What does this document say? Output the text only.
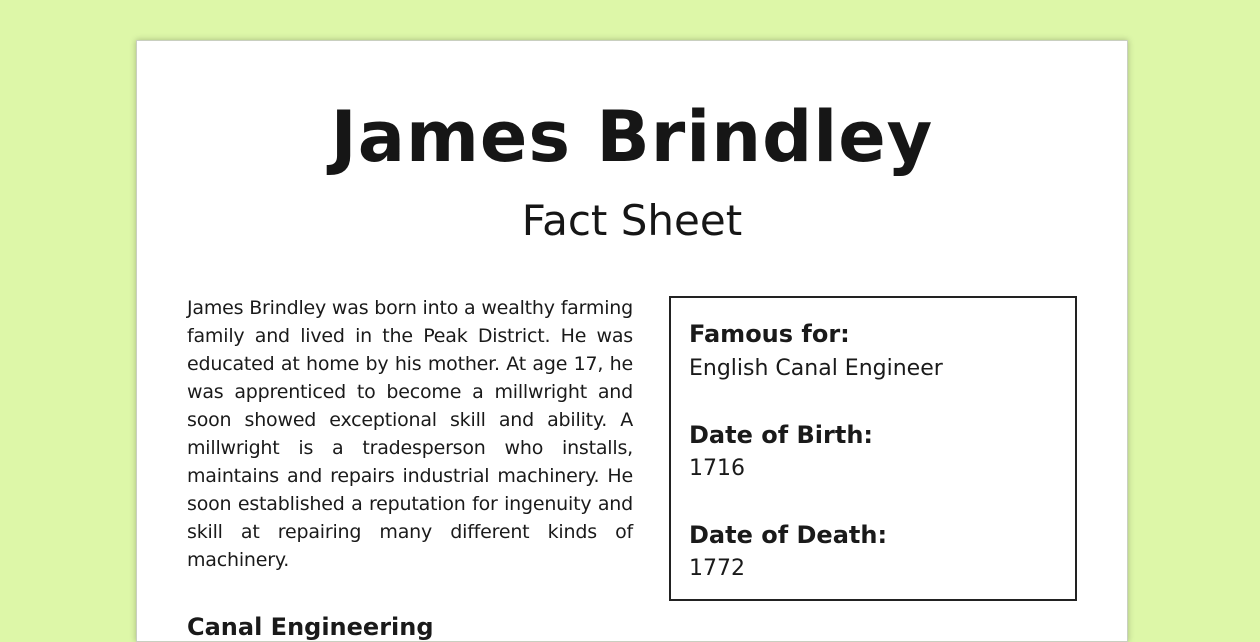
James Brindley
Fact Sheet
James Brindley was born into a wealthy farming family and lived in the Peak District. He was educated at home by his mother. At age 17, he was apprenticed to become a millwright and soon showed exceptional skill and ability. A millwright is a tradesperson who installs, maintains and repairs industrial machinery. He soon established a reputation for ingenuity and skill at repairing many different kinds of machinery.
Famous for:
English Canal Engineer
Date of Birth:
1716
Date of Death:
1772
Canal Engineering
